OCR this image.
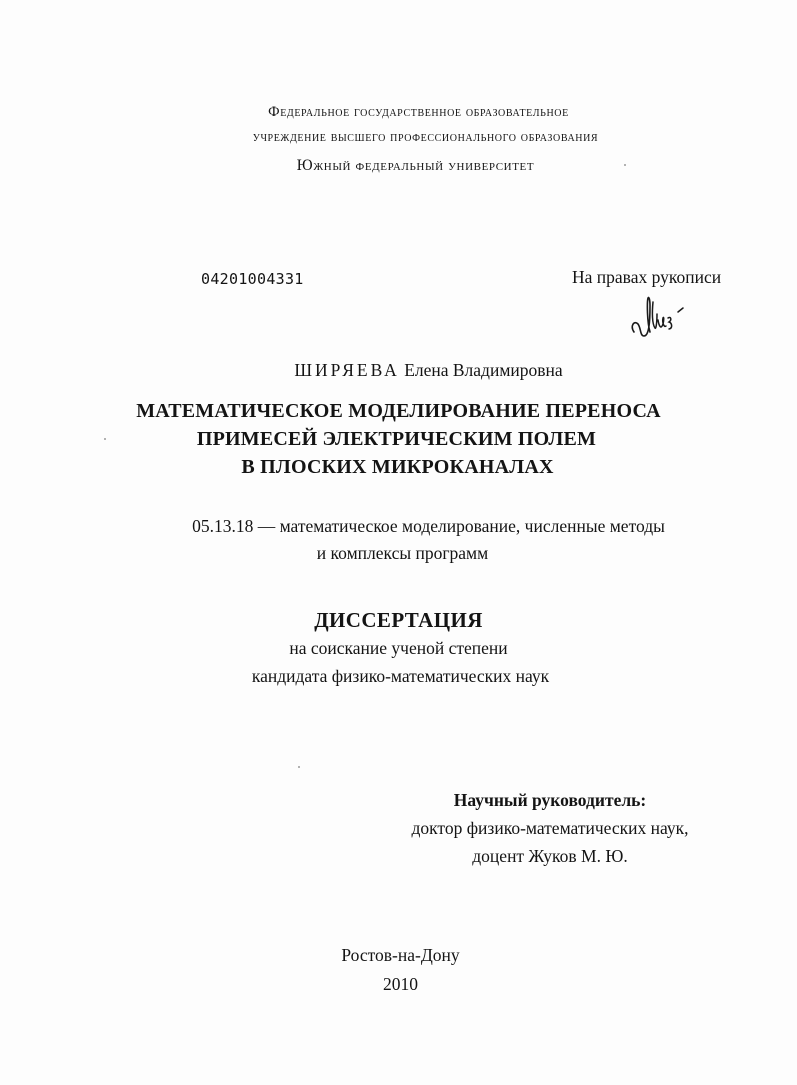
Федеральное государственное образовательное
учреждение высшего профессионального образования
Южный федеральный университет
04201004331	На правах рукописи
ШИРЯЕВА Елена Владимировна
МАТЕМАТИЧЕСКОЕ МОДЕЛИРОВАНИЕ ПЕРЕНОСА
ПРИМЕСЕЙ ЭЛЕКТРИЧЕСКИМ ПОЛЕМ
В ПЛОСКИХ МИКРОКАНАЛАХ
05.13.18 — математическое моделирование, численные методы
и комплексы программ
ДИССЕРТАЦИЯ
на соискание ученой степени
кандидата физико-математических наук
Научный руководитель:
доктор физико-математических наук,
доцент Жуков М. Ю.
Ростов-на-Дону
2010
